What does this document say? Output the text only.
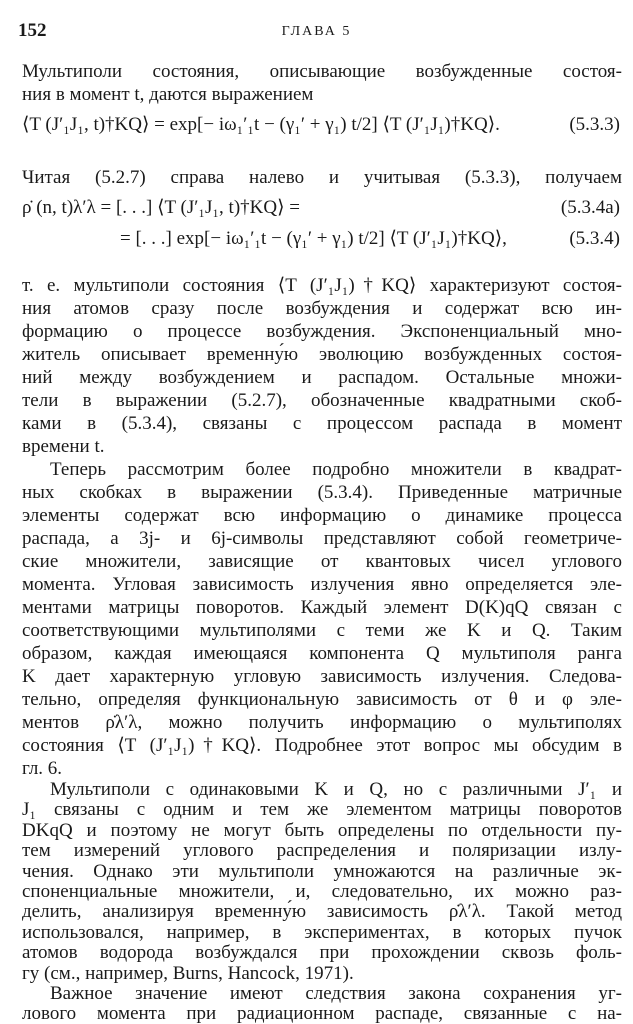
152	ГЛАВА 5
Мультиполи состояния, описывающие возбужденные состоя-
ния в момент t, даются выражением
Читая (5.2.7) справа налево и учитывая (5.3.3), получаем
т. е. мультиполи состояния ⟨T (J′₁J₁)†KQ⟩ характеризуют состоя-
ния атомов сразу после возбуждения и содержат всю ин-
формацию о процессе возбуждения. Экспоненциальный мно-
житель описывает временну́ю эволюцию возбужденных состоя-
ний между возбуждением и распадом. Остальные множи-
тели в выражении (5.2.7), обозначенные квадратными скоб-
ками в (5.3.4), связаны с процессом распада в момент
времени t.
Теперь рассмотрим более подробно множители в квадрат-
ных скобках в выражении (5.3.4). Приведенные матричные
элементы содержат всю информацию о динамике процесса
распада, а 3j- и 6j-символы представляют собой геометриче-
ские множители, зависящие от квантовых чисел углового
момента. Угловая зависимость излучения явно определяется эле-
ментами матрицы поворотов. Каждый элемент D(K)qQ связан с
соответствующими мультиполями с теми же K и Q. Таким
образом, каждая имеющаяся компонента Q мультиполя ранга
K дает характерную угловую зависимость излучения. Следова-
тельно, определяя функциональную зависимость от θ и φ эле-
ментов ρ̇λ′λ, можно получить информацию о мультиполях
состояния ⟨T (J′₁J₁)†KQ⟩. Подробнее этот вопрос мы обсудим в
гл. 6.
Мультиполи с одинаковыми K и Q, но с различными J′₁ и
J₁ связаны с одним и тем же элементом матрицы поворотов
DKqQ и поэтому не могут быть определены по отдельности пу-
тем измерений углового распределения и поляризации излу-
чения. Однако эти мультиполи умножаются на различные эк-
споненциальные множители, и, следовательно, их можно раз-
делить, анализируя временну́ю зависимость ρ̇λ′λ. Такой метод
использовался, например, в экспериментах, в которых пучок
атомов водорода возбуждался при прохождении сквозь фоль-
гу (см., например, Burns, Hancock, 1971).
Важное значение имеют следствия закона сохранения уг-
лового момента при радиационном распаде, связанные с на-
⟨T (J′₁J₁, t)†KQ⟩ = exp[− iω₁′₁t − (γ₁′ + γ₁) t/2] ⟨T (J′₁J₁)†KQ⟩.	(5.3.3)
ρ̇ (n, t)λ′λ = [. . .] ⟨T (J′₁J₁, t)†KQ⟩ =	(5.3.4a)
= [. . .] exp[− iω₁′₁t − (γ₁′ + γ₁) t/2] ⟨T (J′₁J₁)†KQ⟩,	(5.3.4)
